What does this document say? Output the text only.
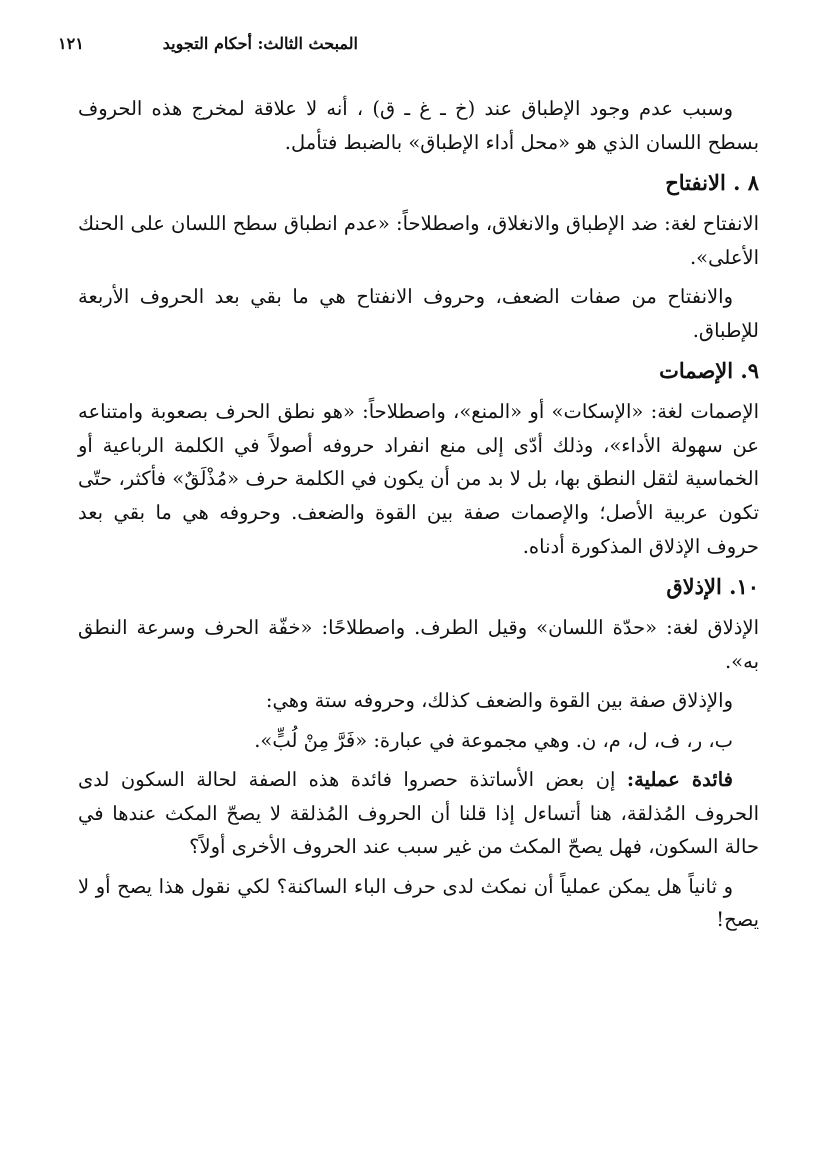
المبحث الثالث: أحكام التجويد
١٢١

وسبب عدم وجود الإطباق عند (خ ـ غ ـ ق) ، أنه لا علاقة لمخرج هذه الحروف بسطح اللسان الذي هو «محل أداء الإطباق» بالضبط فتأمل.

٨ . الانفتاح

الانفتاح لغة: ضد الإطباق والانغلاق، واصطلاحاً: «عدم انطباق سطح اللسان على الحنك الأعلى».

والانفتاح من صفات الضعف، وحروف الانفتاح هي ما بقي بعد الحروف الأربعة للإطباق.

٩. الإصمات

الإصمات لغة: «الإسكات» أو «المنع»، واصطلاحاً: «هو نطق الحرف بصعوبة وامتناعه عن سهولة الأداء»، وذلك أدّى إلى منع انفراد حروفه أصولاً في الكلمة الرباعية أو الخماسية لثقل النطق بها، بل لا بد من أن يكون في الكلمة حرف «مُذْلَقٌ» فأكثر، حتّى تكون عربية الأصل؛ والإصمات صفة بين القوة والضعف. وحروفه هي ما بقي بعد حروف الإذلاق المذكورة أدناه.

١٠. الإذلاق

الإذلاق لغة: «حدّة اللسان» وقيل الطرف. واصطلاحًا: «خفّة الحرف وسرعة النطق به».

والإذلاق صفة بين القوة والضعف كذلك، وحروفه ستة وهي:

ب، ر، ف، ل، م، ن. وهي مجموعة في عبارة: «فَرَّ مِنْ لُبٍّ».

فائدة عملية: إن بعض الأساتذة حصروا فائدة هذه الصفة لحالة السكون لدى الحروف المُذلقة، هنا أتساءل إذا قلنا أن الحروف المُذلقة لا يصحّ المكث عندها في حالة السكون، فهل يصحّ المكث من غير سبب عند الحروف الأخرى أولاً؟

و ثانياً هل يمكن عملياً أن نمكث لدى حرف الباء الساكنة؟ لكي نقول هذا يصح أو لا يصح!
